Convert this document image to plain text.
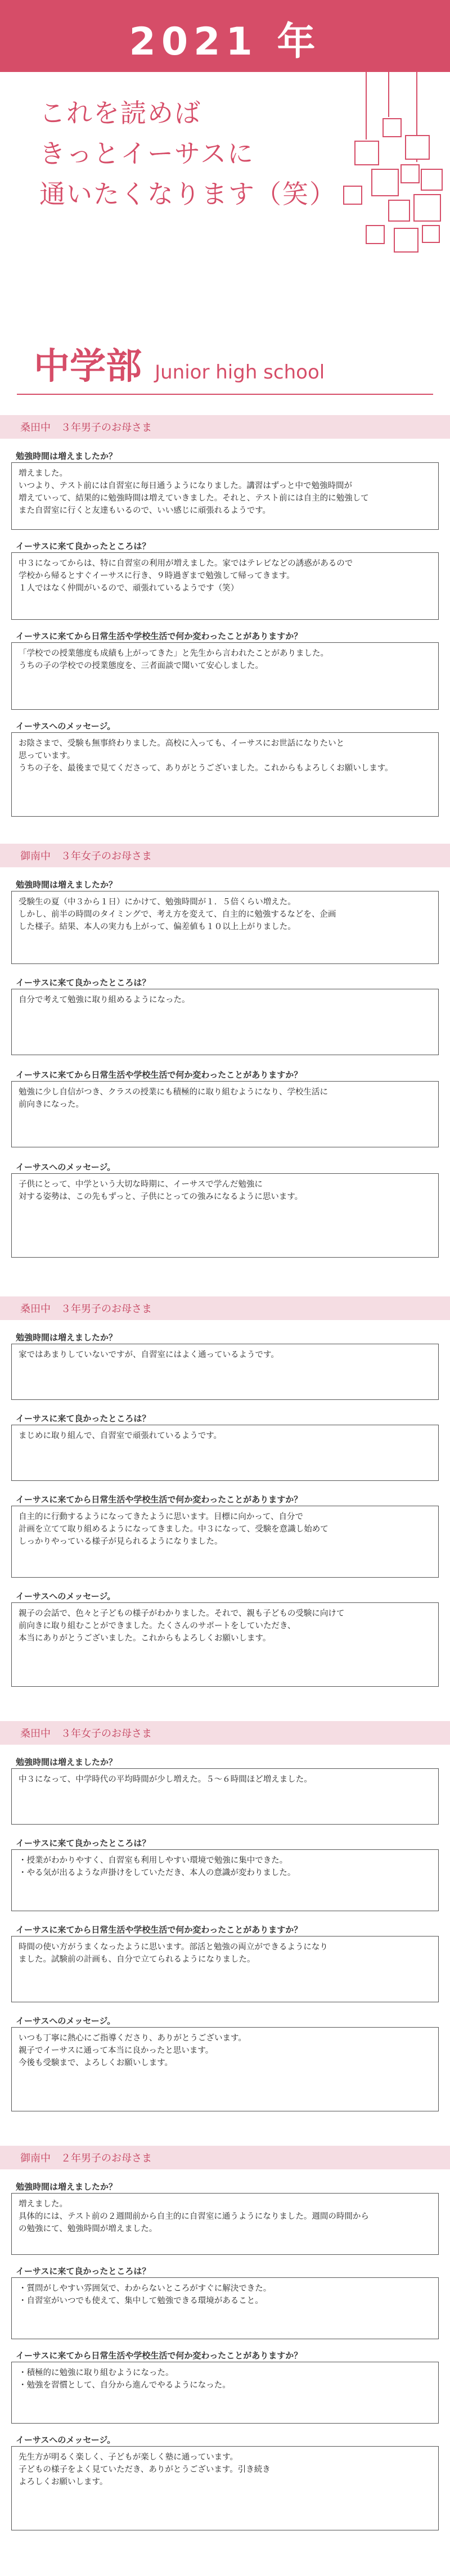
2021 年
これを読めば
きっとイーサスに
通いたくなります（笑）
中学部 Junior high school
桑田中　３年男子のお母さま
勉強時間は増えましたか？
増えました。
いつより、テスト前には自習室に毎日通うようになりました。講習はずっと中で勉強時間が
増えていって、結果的に勉強時間は増えていきました。それと、テスト前には自主的に勉強して
また自習室に行くと友達もいるので、いい感じに頑張れるようです。
イーサスに来て良かったところは？
中３になってからは、特に自習室の利用が増えました。家ではテレビなどの誘惑があるので
学校から帰るとすぐイーサスに行き、９時過ぎまで勉強して帰ってきます。
１人ではなく仲間がいるので、頑張れているようです（笑）
イーサスに来てから日常生活や学校生活で何か変わったことがありますか？
「学校での授業態度も成績も上がってきた」と先生から言われたことがありました。
うちの子の学校での授業態度を、三者面談で聞いて安心しました。
イーサスへのメッセージ。
お陰さまで、受験も無事終わりました。高校に入っても、イーサスにお世話になりたいと
思っています。
うちの子を、最後まで見てくださって、ありがとうございました。これからもよろしくお願いします。
御南中　３年女子のお母さま
勉強時間は増えましたか？
受験生の夏（中３から１日）にかけて、勉強時間が１．５倍くらい増えた。
しかし、前半の時間のタイミングで、考え方を変えて、自主的に勉強するなどを、企画
した様子。結果、本人の実力も上がって、偏差値も１０以上上がりました。
イーサスに来て良かったところは？
自分で考えて勉強に取り組めるようになった。
イーサスに来てから日常生活や学校生活で何か変わったことがありますか？
勉強に少し自信がつき、クラスの授業にも積極的に取り組むようになり、学校生活に
前向きになった。
イーサスへのメッセージ。
子供にとって、中学という大切な時期に、イーサスで学んだ勉強に
対する姿勢は、この先もずっと、子供にとっての強みになるように思います。
桑田中　３年男子のお母さま
勉強時間は増えましたか？
家ではあまりしていないですが、自習室にはよく通っているようです。
イーサスに来て良かったところは？
まじめに取り組んで、自習室で頑張れているようです。
イーサスに来てから日常生活や学校生活で何か変わったことがありますか？
自主的に行動するようになってきたように思います。目標に向かって、自分で
計画を立てて取り組めるようになってきました。中３になって、受験を意識し始めて
しっかりやっている様子が見られるようになりました。
イーサスへのメッセージ。
親子の会話で、色々と子どもの様子がわかりました。それで、親も子どもの受験に向けて
前向きに取り組むことができました。たくさんのサポートをしていただき、
本当にありがとうございました。これからもよろしくお願いします。
桑田中　３年女子のお母さま
勉強時間は増えましたか？
中３になって、中学時代の平均時間が少し増えた。５～６時間ほど増えました。
イーサスに来て良かったところは？
・授業がわかりやすく、自習室も利用しやすい環境で勉強に集中できた。
・やる気が出るような声掛けをしていただき、本人の意識が変わりました。
イーサスに来てから日常生活や学校生活で何か変わったことがありますか？
時間の使い方がうまくなったように思います。部活と勉強の両立ができるようになり
ました。試験前の計画も、自分で立てられるようになりました。
イーサスへのメッセージ。
いつも丁寧に熱心にご指導くださり、ありがとうございます。
親子でイーサスに通って本当に良かったと思います。
今後も受験まで、よろしくお願いします。
御南中　２年男子のお母さま
勉強時間は増えましたか？
増えました。
具体的には、テスト前の２週間前から自主的に自習室に通うようになりました。週間の時間から
の勉強にて、勉強時間が増えました。
イーサスに来て良かったところは？
・質問がしやすい雰囲気で、わからないところがすぐに解決できた。
・自習室がいつでも使えて、集中して勉強できる環境があること。
イーサスに来てから日常生活や学校生活で何か変わったことがありますか？
・積極的に勉強に取り組むようになった。
・勉強を習慣として、自分から進んでやるようになった。
イーサスへのメッセージ。
先生方が明るく楽しく、子どもが楽しく塾に通っています。
子どもの様子をよく見ていただき、ありがとうございます。引き続き
よろしくお願いします。
